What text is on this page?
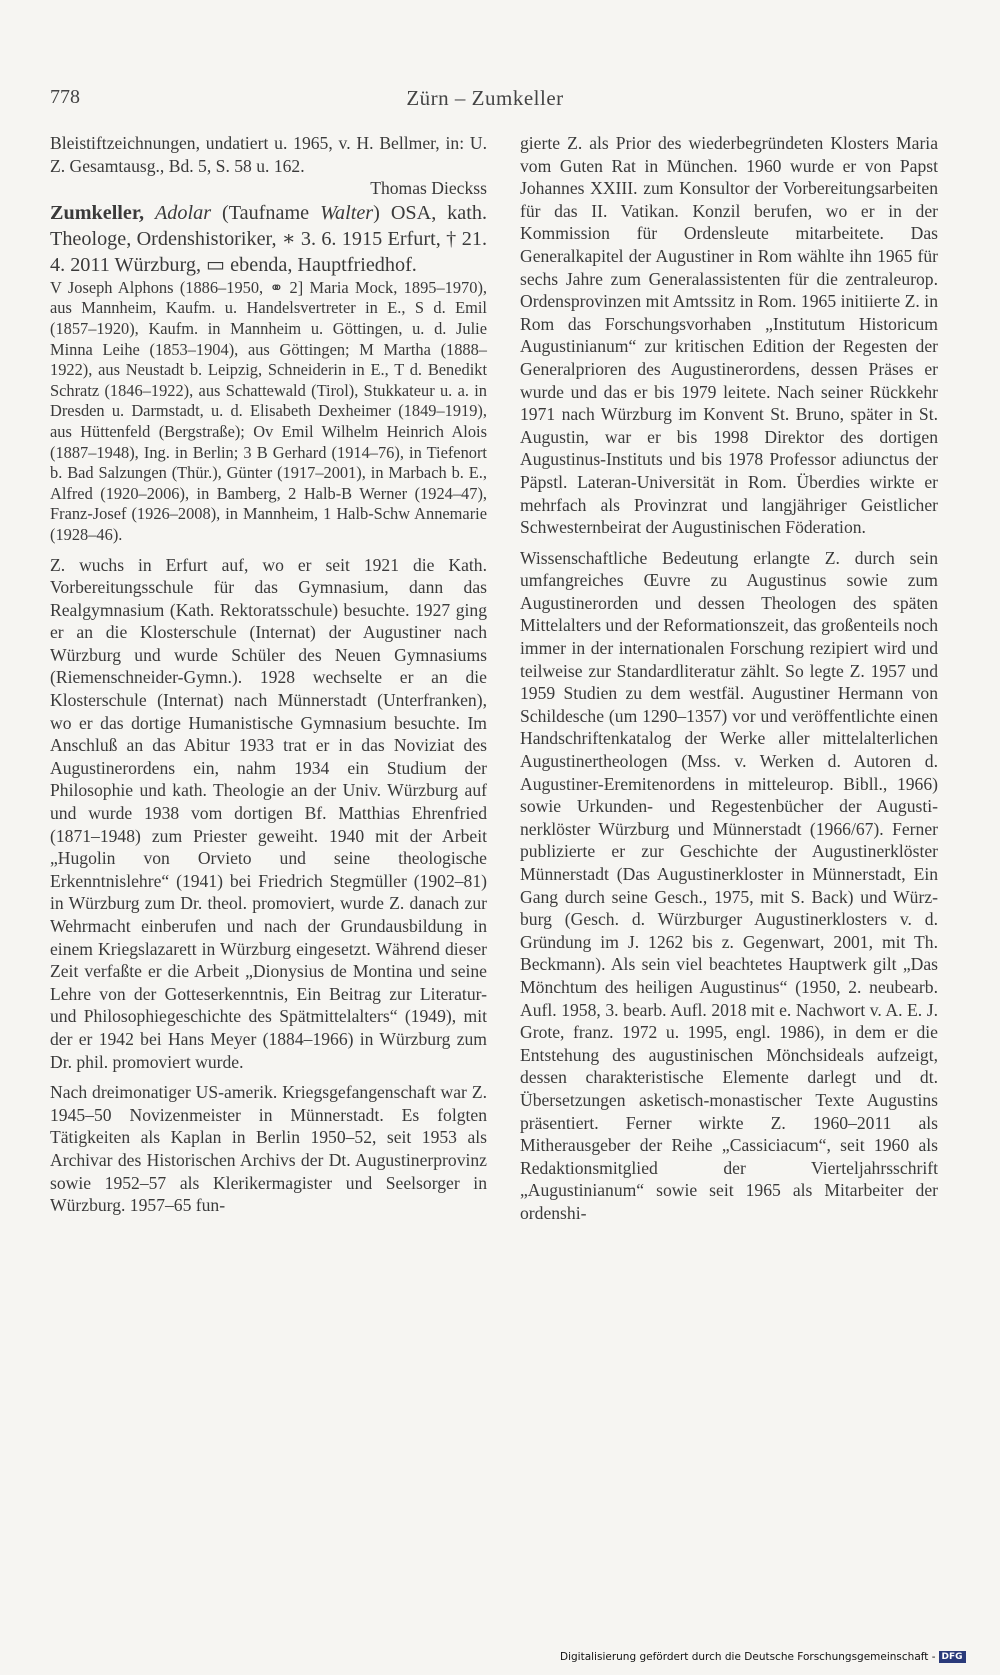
778	Zürn – Zumkeller

Bleistiftzeichnungen, undatiert u. 1965, v. H. Bellmer, in: U. Z. Gesamtausg., Bd. 5, S. 58 u. 162.

Thomas Dieckss

Zumkeller, Adolar (Taufname Walter) OSA, kath. Theologe, Ordenshistoriker, ∗ 3. 6. 1915 Erfurt, † 21. 4. 2011 Würzburg, ▭ ebenda, Hauptfriedhof.

V Joseph Alphons (1886–1950, ⚭ 2] Maria Mock, 1895–1970), aus Mannheim, Kaufm. u. Handelsvertreter in E., S d. Emil (1857–1920), Kaufm. in Mannheim u. Göttingen, u. d. Julie Minna Leihe (1853–1904), aus Göttingen; M Martha (1888–1922), aus Neustadt b. Leipzig, Schneiderin in E., T d. Benedikt Schratz (1846–1922), aus Schattewald (Tirol), Stukkateur u. a. in Dresden u. Darmstadt, u. d. Elisabeth Dexheimer (1849–1919), aus Hüttenfeld (Bergstraße); Ov Emil Wilhelm Heinrich Alois (1887–1948), Ing. in Berlin; 3 B Gerhard (1914–76), in Tiefenort b. Bad Salzungen (Thür.), Günter (1917–2001), in Marbach b. E., Alfred (1920–2006), in Bamberg, 2 Halb-B Werner (1924–47), Franz-Josef (1926–2008), in Mannheim, 1 Halb-Schw Annemarie (1928–46).

Z. wuchs in Erfurt auf, wo er seit 1921 die Kath. Vorbereitungsschule für das Gymnasium, dann das Realgymnasium (Kath. Rektoratsschule) besuchte. 1927 ging er an die Klosterschule (Internat) der Augustiner nach Würzburg und wurde Schüler des Neuen Gymnasiums (Riemenschneider-Gymn.). 1928 wechselte er an die Klosterschule (Internat) nach Münnerstadt (Unterfranken), wo er das dortige Humanistische Gymnasium besuchte. Im Anschluß an das Abitur 1933 trat er in das Noviziat des Augustinerordens ein, nahm 1934 ein Studium der Philosophie und kath. Theologie an der Univ. Würzburg auf und wurde 1938 vom dortigen Bf. Matthias Ehrenfried (1871–1948) zum Priester geweiht. 1940 mit der Arbeit „Hugolin von Orvieto und seine theologische Erkenntnislehre“ (1941) bei Friedrich Stegmüller (1902–81) in Würzburg zum Dr. theol. promoviert, wurde Z. danach zur Wehrmacht einberufen und nach der Grundausbildung in einem Kriegslazarett in Würzburg eingesetzt. Während dieser Zeit verfaßte er die Arbeit „Dionysius de Montina und seine Lehre von der Gotteserkenntnis, Ein Beitrag zur Literatur- und Philosophiegeschichte des Spätmittelalters“ (1949), mit der er 1942 bei Hans Meyer (1884–1966) in Würzburg zum Dr. phil. promoviert wurde.

Nach dreimonatiger US-amerik. Kriegsgefangenschaft war Z. 1945–50 Novizenmeister in Münnerstadt. Es folgten Tätigkeiten als Kaplan in Berlin 1950–52, seit 1953 als Archivar des Historischen Archivs der Dt. Augustinerprovinz sowie 1952–57 als Klerikermagister und Seelsorger in Würzburg. 1957–65 fun-

gierte Z. als Prior des wiederbegründeten Klosters Maria vom Guten Rat in München. 1960 wurde er von Papst Johannes XXIII. zum Konsultor der Vorbereitungsarbeiten für das II. Vatikan. Konzil berufen, wo er in der Kommission für Ordensleute mitarbeitete. Das Generalkapitel der Augustiner in Rom wählte ihn 1965 für sechs Jahre zum Generalassistenten für die zentraleurop. Ordensprovinzen mit Amtssitz in Rom. 1965 initiierte Z. in Rom das Forschungsvorhaben „Institutum Historicum Augustinianum“ zur kritischen Edition der Regesten der Generalprioren des Augustinerordens, dessen Präses er wurde und das er bis 1979 leitete. Nach seiner Rückkehr 1971 nach Würzburg im Konvent St. Bruno, später in St. Augustin, war er bis 1998 Direktor des dortigen Augustinus-Instituts und bis 1978 Professor adiunctus der Päpstl. Lateran-Universität in Rom. Überdies wirkte er mehrfach als Provinzrat und langjähriger Geistlicher Schwesternbeirat der Augustinischen Föderation.

Wissenschaftliche Bedeutung erlangte Z. durch sein umfangreiches Œuvre zu Augustinus sowie zum Augustinerorden und dessen Theologen des späten Mittelalters und der Reformationszeit, das großenteils noch immer in der internationalen Forschung rezipiert wird und teilweise zur Standardliteratur zählt. So legte Z. 1957 und 1959 Studien zu dem westfäl. Augustiner Hermann von Schildesche (um 1290–1357) vor und veröffentlichte einen Handschriftenkatalog der Werke aller mittelalterlichen Augustinertheologen (Mss. v. Werken d. Autoren d. Augustiner-Eremitenordens in mitteleurop. Bibll., 1966) sowie Urkunden- und Regestenbücher der Augustinerklöster Würzburg und Münnerstadt (1966/67). Ferner publizierte er zur Geschichte der Augustinerklöster Münnerstadt (Das Augustinerkloster in Münnerstadt, Ein Gang durch seine Gesch., 1975, mit S. Back) und Würzburg (Gesch. d. Würzburger Augustinerklosters v. d. Gründung im J. 1262 bis z. Gegenwart, 2001, mit Th. Beckmann). Als sein viel beachtetes Hauptwerk gilt „Das Mönchtum des heiligen Augustinus“ (1950, 2. neubearb. Aufl. 1958, 3. bearb. Aufl. 2018 mit e. Nachwort v. A. E. J. Grote, franz. 1972 u. 1995, engl. 1986), in dem er die Entstehung des augustinischen Mönchsideals aufzeigt, dessen charakteristische Elemente darlegt und dt. Übersetzungen asketisch-monastischer Texte Augustins präsentiert. Ferner wirkte Z. 1960–2011 als Mitherausgeber der Reihe „Cassiciacum“, seit 1960 als Redaktionsmitglied der Vierteljahrsschrift „Augustinianum“ sowie seit 1965 als Mitarbeiter der ordenshi-

Digitalisierung gefördert durch die Deutsche Forschungsgemeinschaft - DFG
